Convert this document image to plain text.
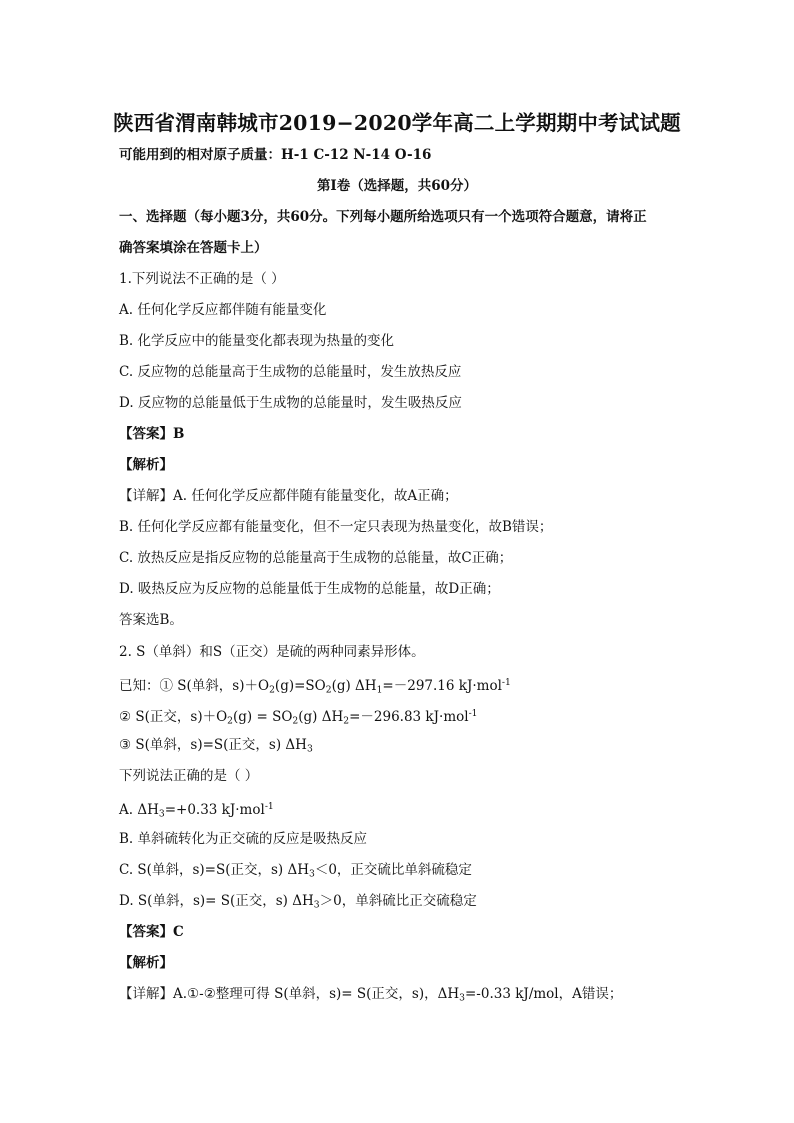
陕西省渭南韩城市2019−2020学年高二上学期期中考试试题
可能用到的相对原子质量：H-1 C-12 N-14 O-16
第Ⅰ卷（选择题，共60分）
一、选择题（每小题3分，共60分。下列每小题所给选项只有一个选项符合题意，请将正
确答案填涂在答题卡上）
1.下列说法不正确的是（ ）
A. 任何化学反应都伴随有能量变化
B. 化学反应中的能量变化都表现为热量的变化
C. 反应物的总能量高于生成物的总能量时，发生放热反应
D. 反应物的总能量低于生成物的总能量时，发生吸热反应
【答案】B
【解析】
【详解】A. 任何化学反应都伴随有能量变化，故A正确；
B. 任何化学反应都有能量变化，但不一定只表现为热量变化，故B错误；
C. 放热反应是指反应物的总能量高于生成物的总能量，故C正确；
D. 吸热反应为反应物的总能量低于生成物的总能量，故D正确；
答案选B。
2. S（单斜）和S（正交）是硫的两种同素异形体。
已知：① S(单斜，$s)+O_2(g)=SO_2(g)$ $\Delta H_1=-297.16$ kJ·mol$^{-1}$
② S(正交，$s)+O_2(g) = SO_2(g)$ $\Delta H_2=-296.83$ kJ·mol$^{-1}$
③ S(单斜，s)=S(正交，s) $\Delta H_3$
下列说法正确的是（ ）
A. $\Delta H_3=+0.33$ kJ·mol$^{-1}$
B. 单斜硫转化为正交硫的反应是吸热反应
C. S(单斜，s)=S(正交，s) $\Delta H_3<0$，正交硫比单斜硫稳定
D. S(单斜，s)= S(正交，s) $\Delta H_3>0$，单斜硫比正交硫稳定
【答案】C
【解析】
【详解】A.①-②整理可得 S(单斜，s)= S(正交，s)，$\Delta H_3=-0.33$ kJ/mol，A错误；
